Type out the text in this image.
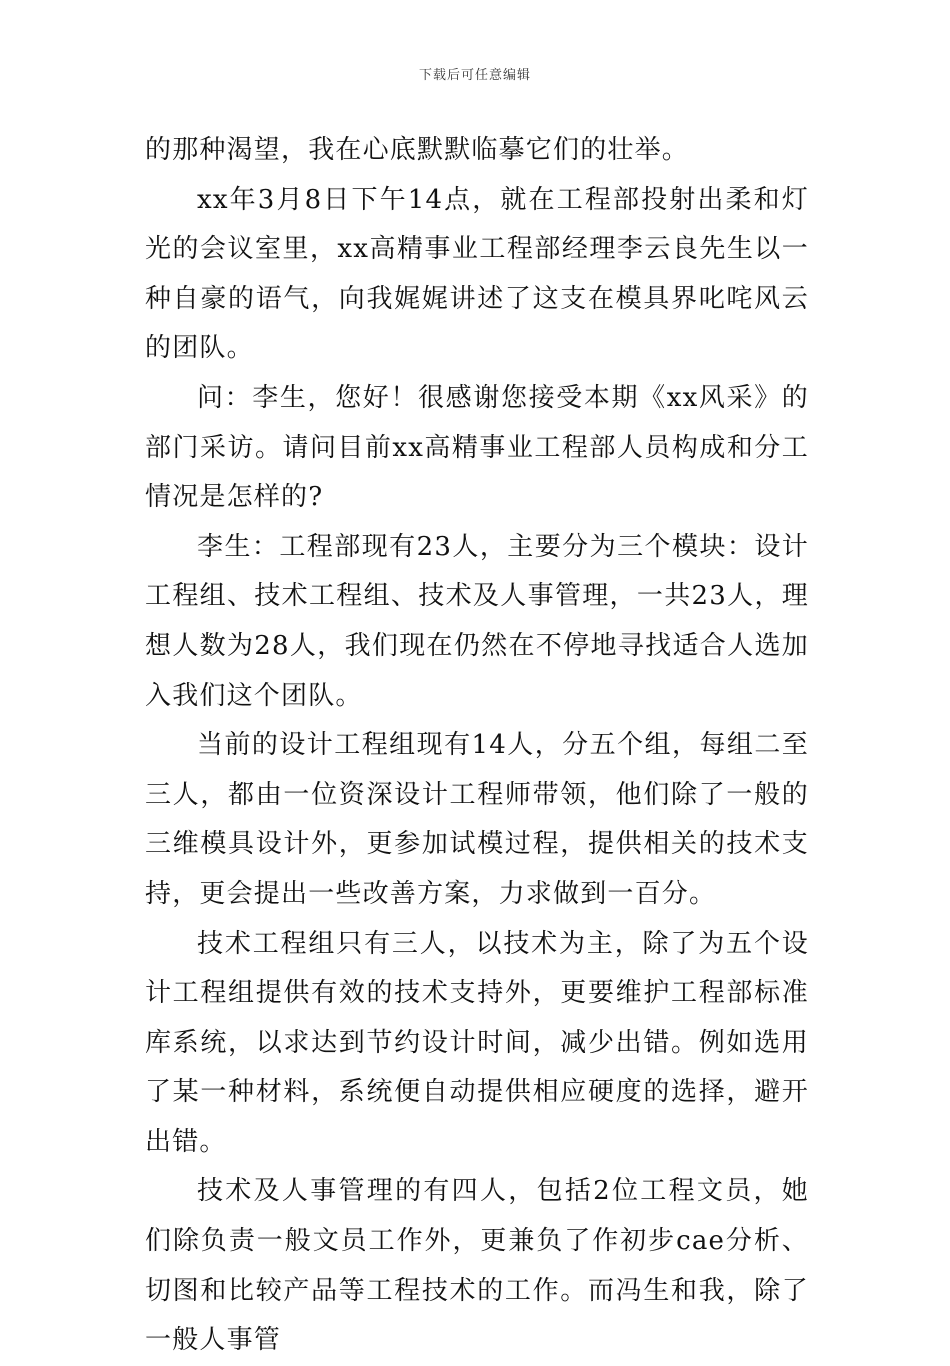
下载后可任意编辑

的那种渴望，我在心底默默临摹它们的壮举。

xx年3月8日下午14点，就在工程部投射出柔和灯光的会议室里，xx高精事业工程部经理李云良先生以一种自豪的语气，向我娓娓讲述了这支在模具界叱咤风云的团队。

问：李生，您好！很感谢您接受本期《xx风采》的部门采访。请问目前xx高精事业工程部人员构成和分工情况是怎样的?

李生：工程部现有23人，主要分为三个模块：设计工程组、技术工程组、技术及人事管理，一共23人，理想人数为28人，我们现在仍然在不停地寻找适合人选加入我们这个团队。

当前的设计工程组现有14人，分五个组，每组二至三人，都由一位资深设计工程师带领，他们除了一般的三维模具设计外，更参加试模过程，提供相关的技术支持，更会提出一些改善方案，力求做到一百分。

技术工程组只有三人，以技术为主，除了为五个设计工程组提供有效的技术支持外，更要维护工程部标准库系统，以求达到节约设计时间，减少出错。例如选用了某一种材料，系统便自动提供相应硬度的选择，避开出错。

技术及人事管理的有四人，包括2位工程文员，她们除负责一般文员工作外，更兼负了作初步cae分析、切图和比较产品等工程技术的工作。而冯生和我，除了一般人事管
